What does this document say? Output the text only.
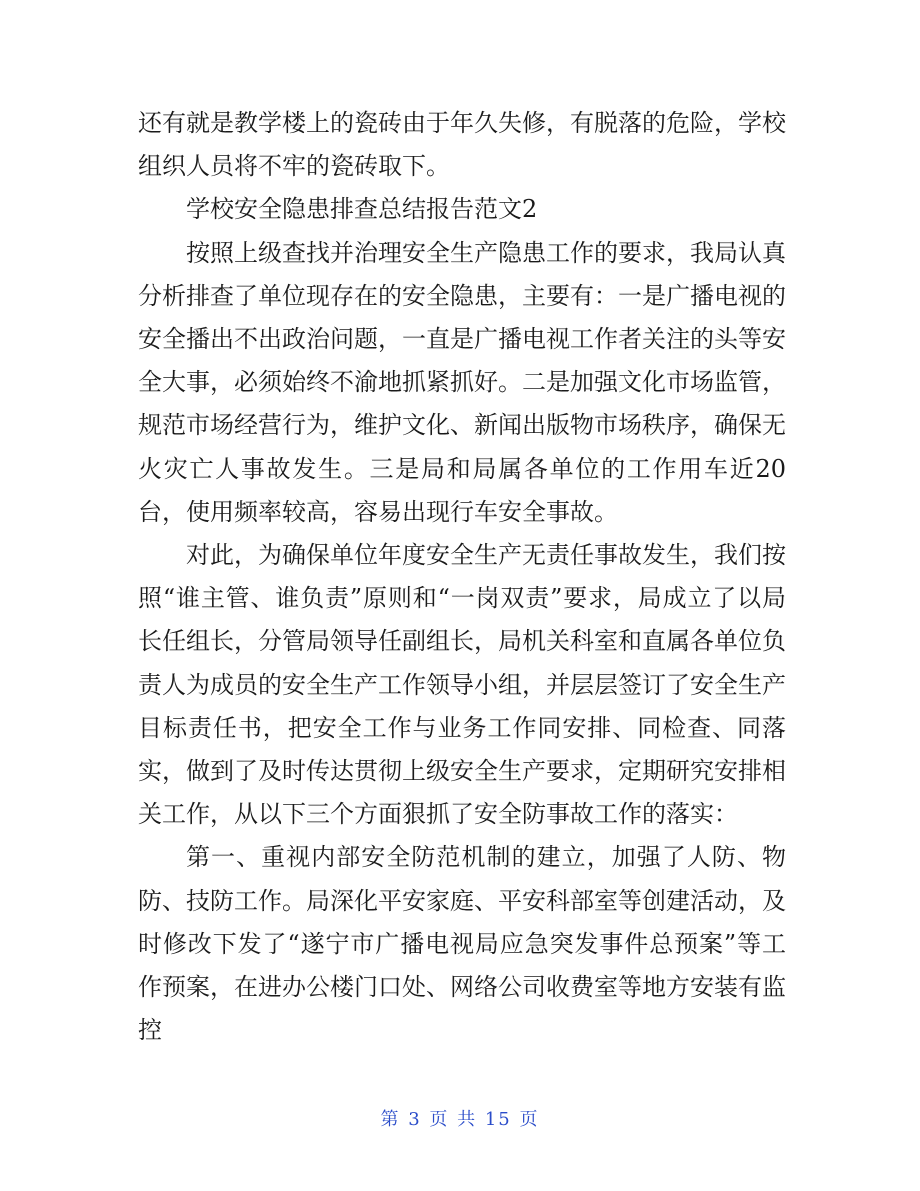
还有就是教学楼上的瓷砖由于年久失修，有脱落的危险，学校组织人员将不牢的瓷砖取下。

学校安全隐患排查总结报告范文2

按照上级查找并治理安全生产隐患工作的要求，我局认真分析排查了单位现存在的安全隐患，主要有：一是广播电视的安全播出不出政治问题，一直是广播电视工作者关注的头等安全大事，必须始终不渝地抓紧抓好。二是加强文化市场监管，规范市场经营行为，维护文化、新闻出版物市场秩序，确保无火灾亡人事故发生。三是局和局属各单位的工作用车近20台，使用频率较高，容易出现行车安全事故。

对此，为确保单位年度安全生产无责任事故发生，我们按照“谁主管、谁负责”原则和“一岗双责”要求，局成立了以局长任组长，分管局领导任副组长，局机关科室和直属各单位负责人为成员的安全生产工作领导小组，并层层签订了安全生产目标责任书，把安全工作与业务工作同安排、同检查、同落实，做到了及时传达贯彻上级安全生产要求，定期研究安排相关工作，从以下三个方面狠抓了安全防事故工作的落实：

第一、重视内部安全防范机制的建立，加强了人防、物防、技防工作。局深化平安家庭、平安科部室等创建活动，及时修改下发了“遂宁市广播电视局应急突发事件总预案”等工作预案，在进办公楼门口处、网络公司收费室等地方安装有监控

第 3 页 共 15 页
